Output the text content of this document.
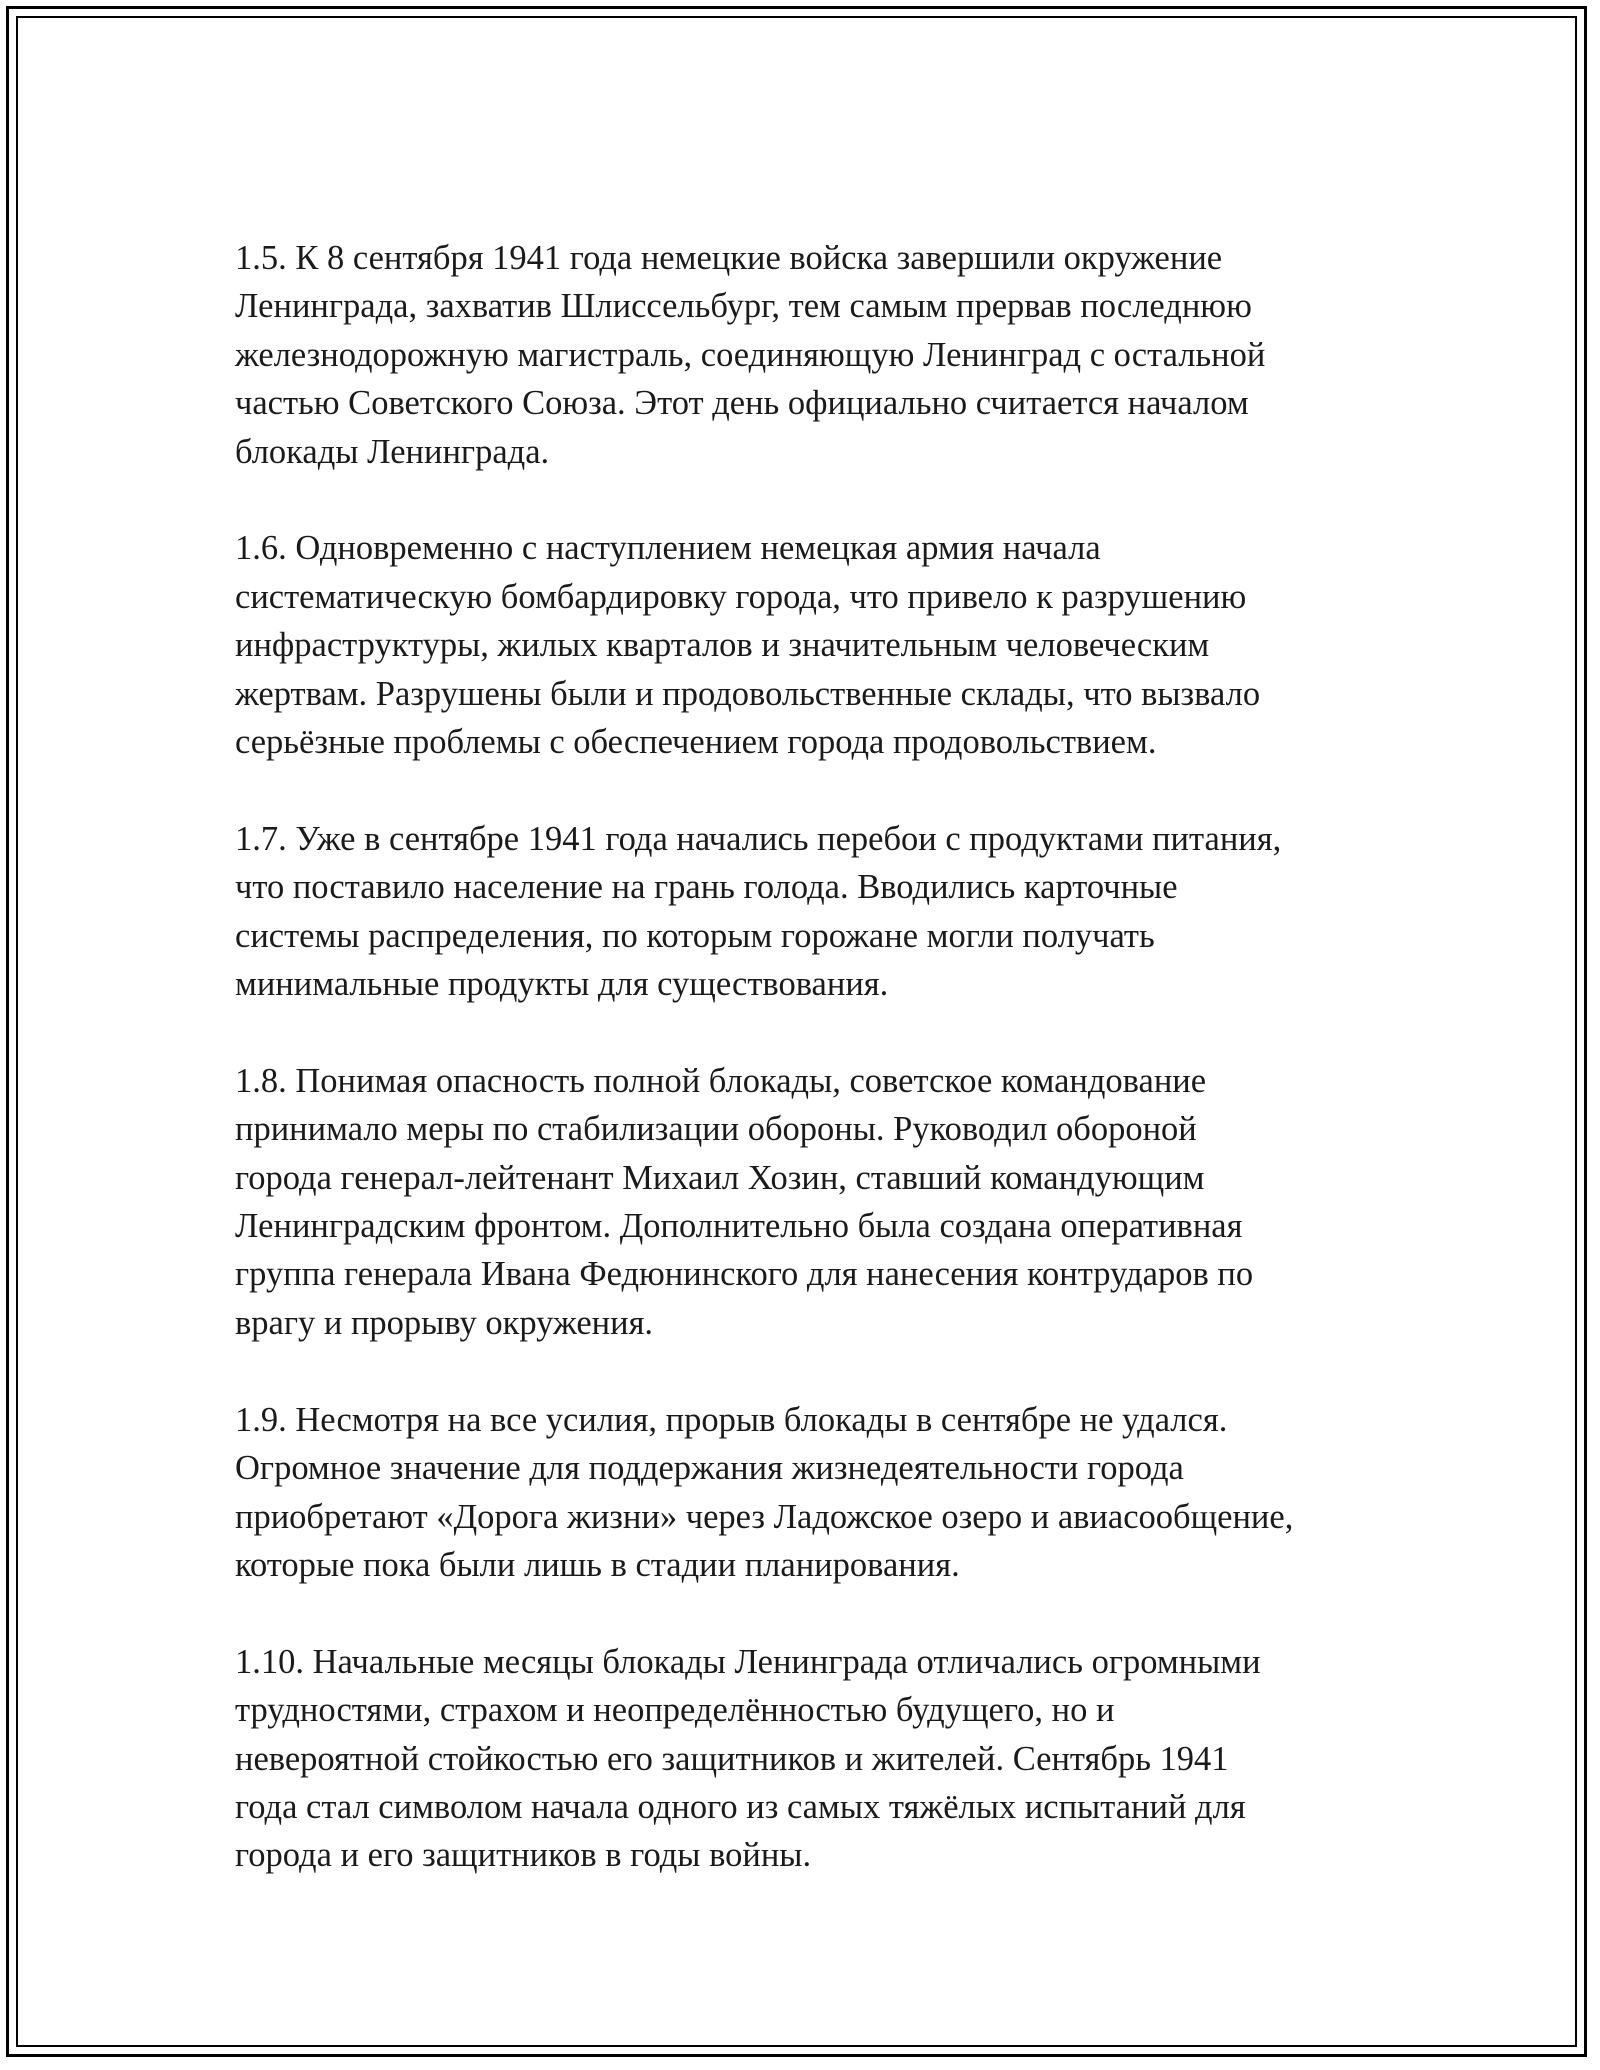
1.5. К 8 сентября 1941 года немецкие войска завершили окружение
Ленинграда, захватив Шлиссельбург, тем самым прервав последнюю
железнодорожную магистраль, соединяющую Ленинград с остальной
частью Советского Союза. Этот день официально считается началом
блокады Ленинграда.

1.6. Одновременно с наступлением немецкая армия начала
систематическую бомбардировку города, что привело к разрушению
инфраструктуры, жилых кварталов и значительным человеческим
жертвам. Разрушены были и продовольственные склады, что вызвало
серьёзные проблемы с обеспечением города продовольствием.

1.7. Уже в сентябре 1941 года начались перебои с продуктами питания,
что поставило население на грань голода. Вводились карточные
системы распределения, по которым горожане могли получать
минимальные продукты для существования.

1.8. Понимая опасность полной блокады, советское командование
принимало меры по стабилизации обороны. Руководил обороной
города генерал-лейтенант Михаил Хозин, ставший командующим
Ленинградским фронтом. Дополнительно была создана оперативная
группа генерала Ивана Федюнинского для нанесения контрударов по
врагу и прорыву окружения.

1.9. Несмотря на все усилия, прорыв блокады в сентябре не удался.
Огромное значение для поддержания жизнедеятельности города
приобретают «Дорога жизни» через Ладожское озеро и авиасообщение,
которые пока были лишь в стадии планирования.

1.10. Начальные месяцы блокады Ленинграда отличались огромными
трудностями, страхом и неопределённостью будущего, но и
невероятной стойкостью его защитников и жителей. Сентябрь 1941
года стал символом начала одного из самых тяжёлых испытаний для
города и его защитников в годы войны.
